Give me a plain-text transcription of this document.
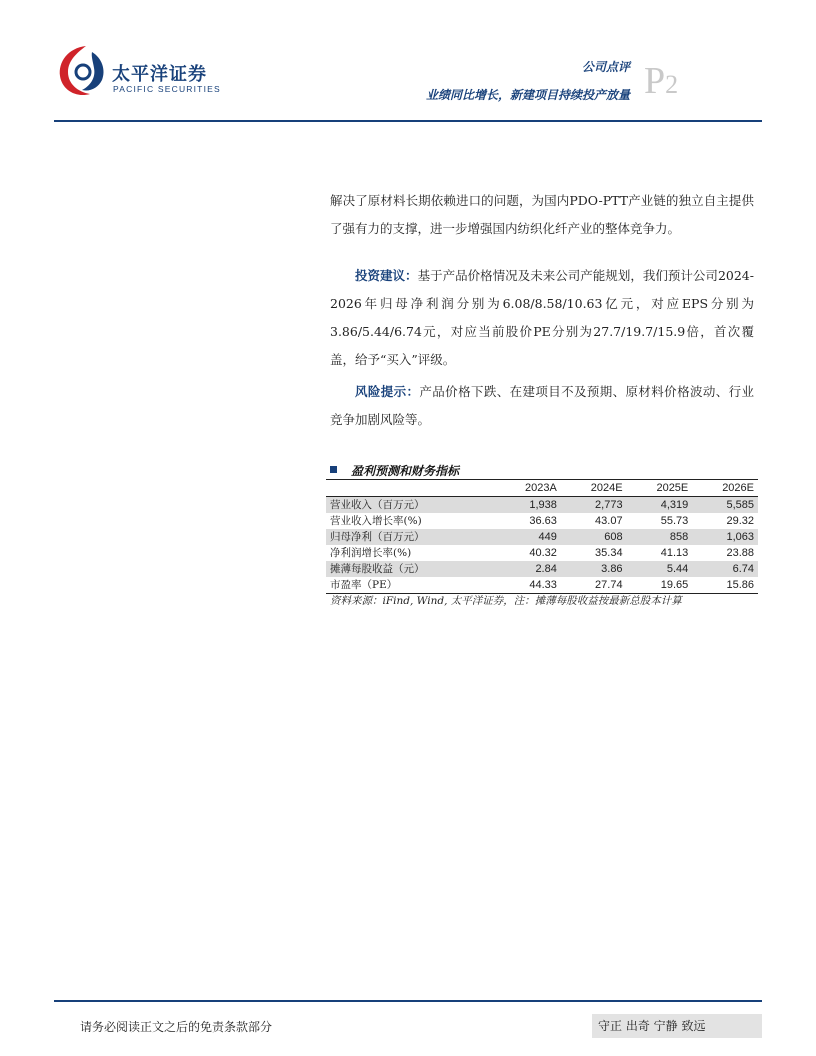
太平洋证券
PACIFIC SECURITIES
公司点评
业绩同比增长，新建项目持续投产放量 P2
解决了原材料长期依赖进口的问题，为国内PDO-PTT产业链的独立自主提供了强有力的支撑，进一步增强国内纺织化纤产业的整体竞争力。
投资建议：基于产品价格情况及未来公司产能规划，我们预计公司2024-2026年归母净利润分别为6.08/8.58/10.63亿元，对应EPS分别为3.86/5.44/6.74元，对应当前股价PE分别为27.7/19.7/15.9倍，首次覆盖，给予“买入”评级。
风险提示：产品价格下跌、在建项目不及预期、原材料价格波动、行业竞争加剧风险等。
盈利预测和财务指标
	2023A	2024E	2025E	2026E
营业收入（百万元）	1,938	2,773	4,319	5,585
营业收入增长率(%)	36.63	43.07	55.73	29.32
归母净利（百万元）	449	608	858	1,063
净利润增长率(%)	40.32	35.34	41.13	23.88
摊薄每股收益（元）	2.84	3.86	5.44	6.74
市盈率（PE）	44.33	27.74	19.65	15.86
资料来源：iFind, Wind, 太平洋证券，注：摊薄每股收益按最新总股本计算
请务必阅读正文之后的免责条款部分	守正 出奇 宁静 致远
